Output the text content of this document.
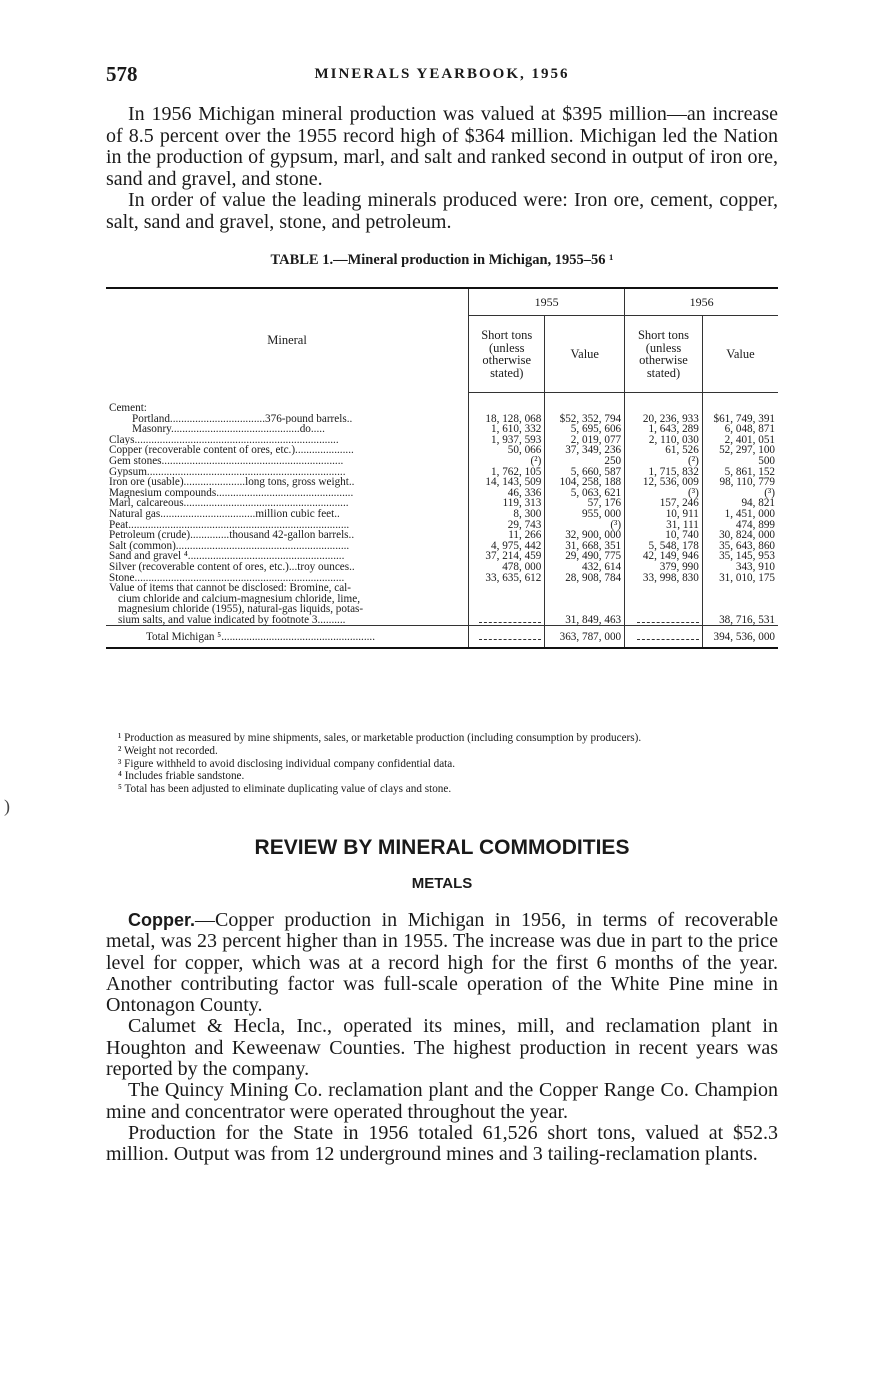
578	MINERALS YEARBOOK, 1956

In 1956 Michigan mineral production was valued at $395 million—an increase of 8.5 percent over the 1955 record high of $364 million. Michigan led the Nation in the production of gypsum, marl, and salt and ranked second in output of iron ore, sand and gravel, and stone.

In order of value the leading minerals produced were: Iron ore, cement, copper, salt, sand and gravel, stone, and petroleum.

TABLE 1.—Mineral production in Michigan, 1955–56 ¹
Mineral	1955		1956	
	Short tons (unless otherwise stated)	Value	Short tons (unless otherwise stated)	Value

Cement:				
Portland..................................376-pound barrels..	18, 128, 068	$52, 352, 794	20, 236, 933	$61, 749, 391
Masonry..............................................do.....	1, 610, 332	5, 695, 606	1, 643, 289	6, 048, 871
Clays.........................................................................	1, 937, 593	2, 019, 077	2, 110, 030	2, 401, 051
Copper (recoverable content of ores, etc.).....................	50, 066	37, 349, 236	61, 526	52, 297, 100
Gem stones.................................................................	(²)	250	(²)	500
Gypsum.......................................................................	1, 762, 105	5, 660, 587	1, 715, 832	5, 861, 152
Iron ore (usable)......................long tons, gross weight..	14, 143, 509	104, 258, 188	12, 536, 009	98, 110, 779
Magnesium compounds.................................................	46, 336	5, 063, 621	(³)	(³)
Marl, calcareous...........................................................	119, 313	57, 176	157, 246	94, 821
Natural gas..................................million cubic feet..	8, 300	955, 000	10, 911	1, 451, 000
Peat...............................................................................	29, 743	(³)	31, 111	474, 899
Petroleum (crude)..............thousand 42-gallon barrels..	11, 266	32, 900, 000	10, 740	30, 824, 000
Salt (common)..............................................................	4, 975, 442	31, 668, 351	5, 548, 178	35, 643, 860
Sand and gravel ⁴........................................................	37, 214, 459	29, 490, 775	42, 149, 946	35, 145, 953
Silver (recoverable content of ores, etc.)...troy ounces..	478, 000	432, 614	379, 990	343, 910
Stone...........................................................................	33, 635, 612	28, 908, 784	33, 998, 830	31, 010, 175
Value of items that cannot be disclosed: Bromine, cal-				
cium chloride and calcium-magnesium chloride, lime,				
magnesium chloride (1955), natural-gas liquids, potas-				
sium salts, and value indicated by footnote 3..........		31, 849, 463		38, 716, 531
Total Michigan ⁵.......................................................		363, 787, 000		394, 536, 000

¹ Production as measured by mine shipments, sales, or marketable production (including consumption by producers).

² Weight not recorded.

³ Figure withheld to avoid disclosing individual company confidential data.

⁴ Includes friable sandstone.

⁵ Total has been adjusted to eliminate duplicating value of clays and stone.

)
REVIEW BY MINERAL COMMODITIES
METALS

Copper.—Copper production in Michigan in 1956, in terms of recoverable metal, was 23 percent higher than in 1955. The increase was due in part to the price level for copper, which was at a record high for the first 6 months of the year. Another contributing factor was full-scale operation of the White Pine mine in Ontonagon County.

Calumet & Hecla, Inc., operated its mines, mill, and reclamation plant in Houghton and Keweenaw Counties. The highest production in recent years was reported by the company.

The Quincy Mining Co. reclamation plant and the Copper Range Co. Champion mine and concentrator were operated throughout the year.

Production for the State in 1956 totaled 61,526 short tons, valued at $52.3 million. Output was from 12 underground mines and 3 tailing-reclamation plants.
